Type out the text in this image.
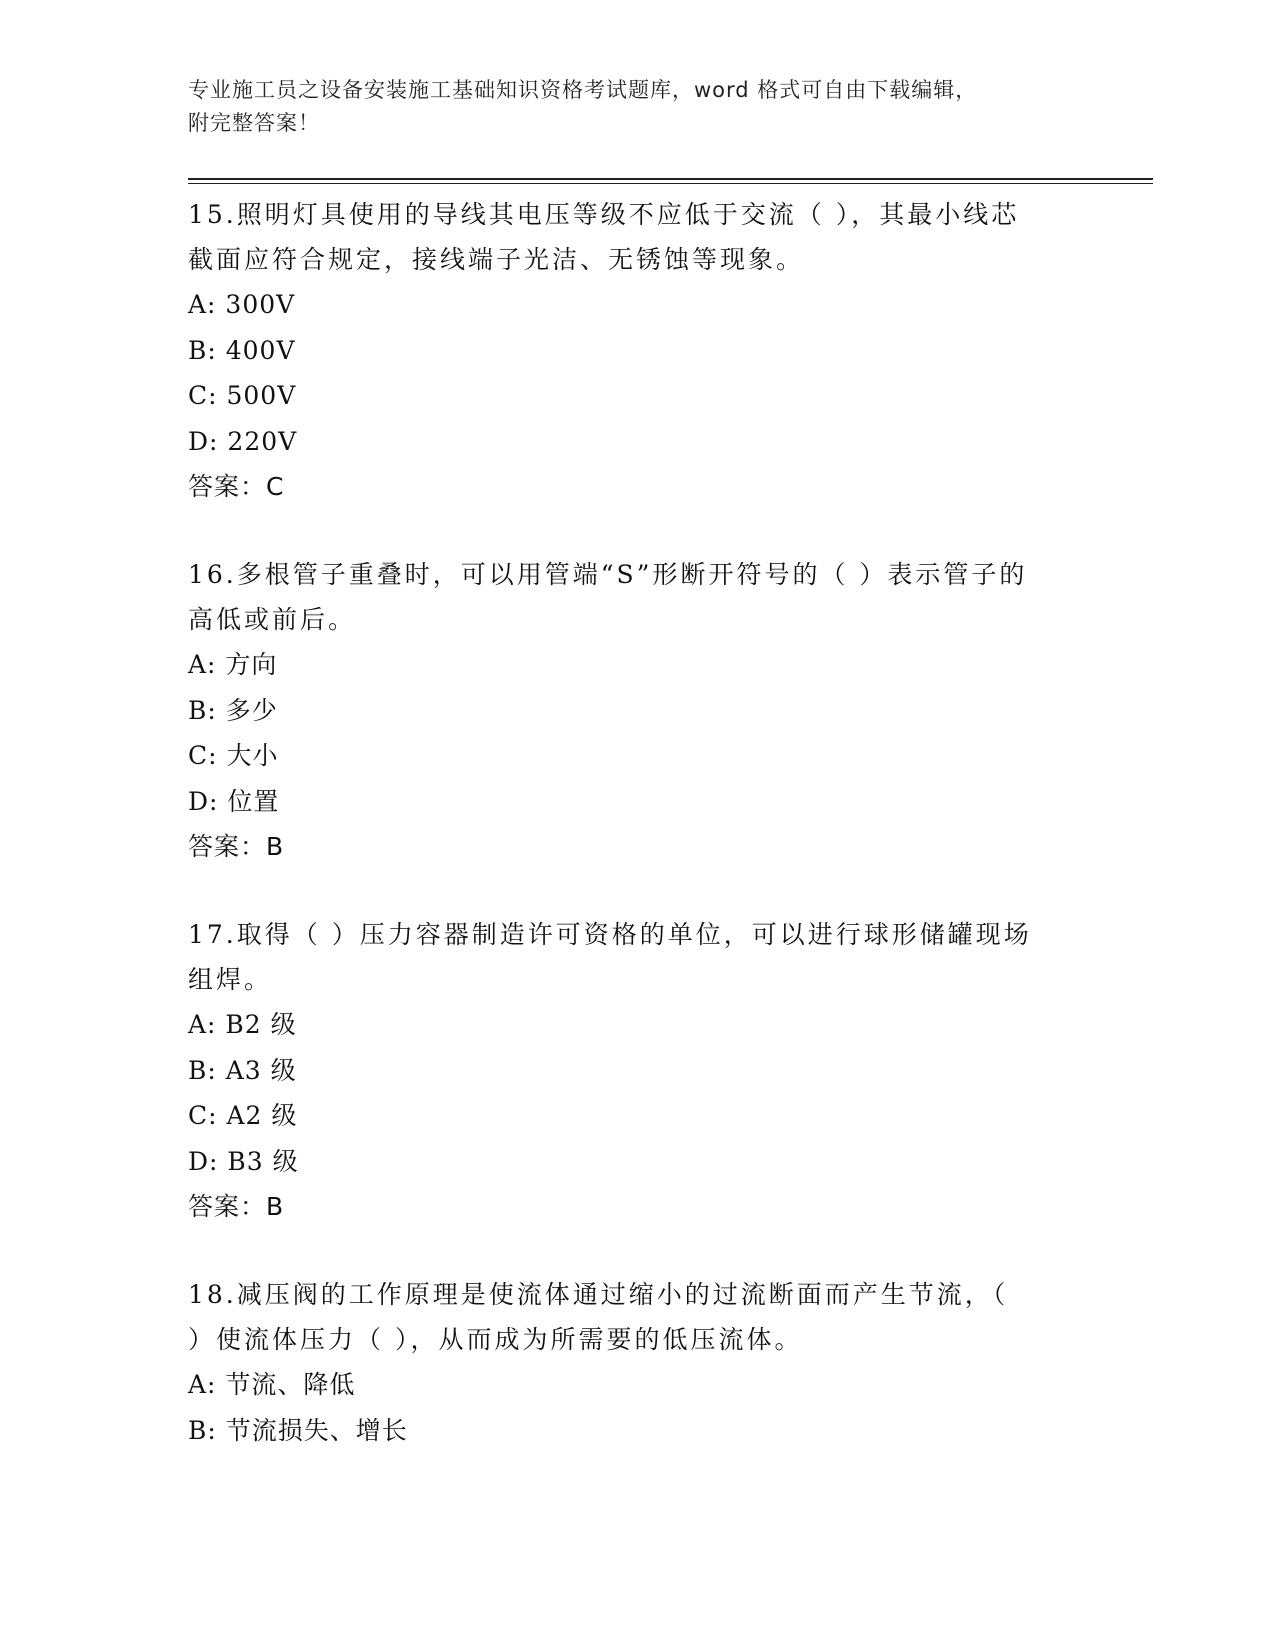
专业施工员之设备安装施工基础知识资格考试题库，word 格式可自由下载编辑，
附完整答案！

15.照明灯具使用的导线其电压等级不应低于交流（ ），其最小线芯

截面应符合规定，接线端子光洁、无锈蚀等现象。

A: 300V

B: 400V

C: 500V

D: 220V

答案：C

16.多根管子重叠时，可以用管端“S”形断开符号的（ ）表示管子的

高低或前后。

A: 方向

B: 多少

C: 大小

D: 位置

答案：B

17.取得（ ）压力容器制造许可资格的单位，可以进行球形储罐现场

组焊。

A: B2 级

B: A3 级

C: A2 级

D: B3 级

答案：B

18.减压阀的工作原理是使流体通过缩小的过流断面而产生节流，（

）使流体压力（ ），从而成为所需要的低压流体。

A: 节流、降低

B: 节流损失、增长
